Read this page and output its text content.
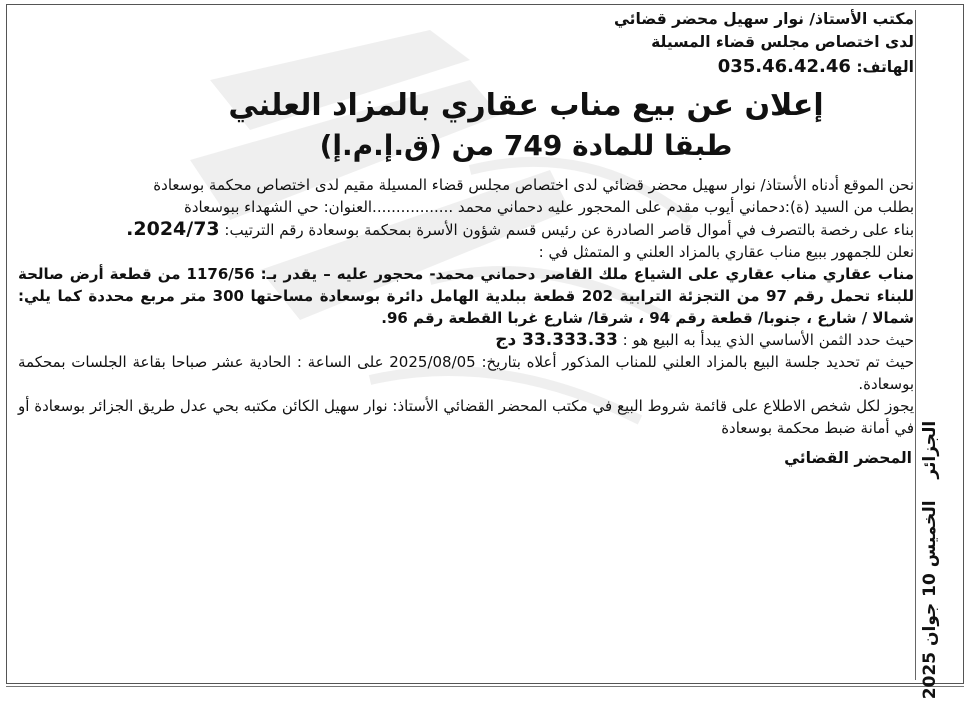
الجزائر  الخميس 10 جوان 2025

مكتب الأستاذ/ نوار سهيل محضر قضائي

لدى اختصاص مجلس قضاء المسيلة

الهاتف: 035.46.42.46

إعلان عن بيع مناب عقاري بالمزاد العلني
طبقا للمادة 749 من (ق.إ.م.إ)

نحن الموقع أدناه الأستاذ/ نوار سهيل محضر قضائي لدى اختصاص مجلس قضاء المسيلة مقيم لدى اختصاص محكمة بوسعادة

بطلب من السيد (ة):دحماني أيوب مقدم على المحجور عليه دحماني محمد .................العنوان: حي الشهداء ببوسعادة

بناء على رخصة بالتصرف في أموال قاصر الصادرة عن رئيس قسم شؤون الأسرة بمحكمة بوسعادة رقم الترتيب: 2024/73.

نعلن للجمهور ببيع مناب عقاري بالمزاد العلني و المتمثل في :

مناب عقاري مناب عقاري على الشياع ملك القاصر دحماني محمد- محجور عليه – يقدر بـ: 1176/56 من قطعة أرض صالحة للبناء تحمل رقم 97 من التجزئة الترابية 202 قطعة ببلدية الهامل دائرة بوسعادة مساحتها 300 متر مربع محددة كما يلي: شمالا / شارع ، جنوبا/ قطعة رقم 94 ، شرقا/ شارع غربا القطعة رقم 96.

حيث حدد الثمن الأساسي الذي يبدأ به البيع هو : 33.333.33 دج

حيث تم تحديد جلسة البيع بالمزاد العلني للمناب المذكور أعلاه بتاريخ: 2025/08/05 على الساعة : الحادية عشر صباحا بقاعة الجلسات بمحكمة بوسعادة.

يجوز لكل شخص الاطلاع على قائمة شروط البيع في مكتب المحضر القضائي الأستاذ: نوار سهيل الكائن مكتبه بحي عدل طريق الجزائر بوسعادة أو في أمانة ضبط محكمة بوسعادة

المحضر القضائي
